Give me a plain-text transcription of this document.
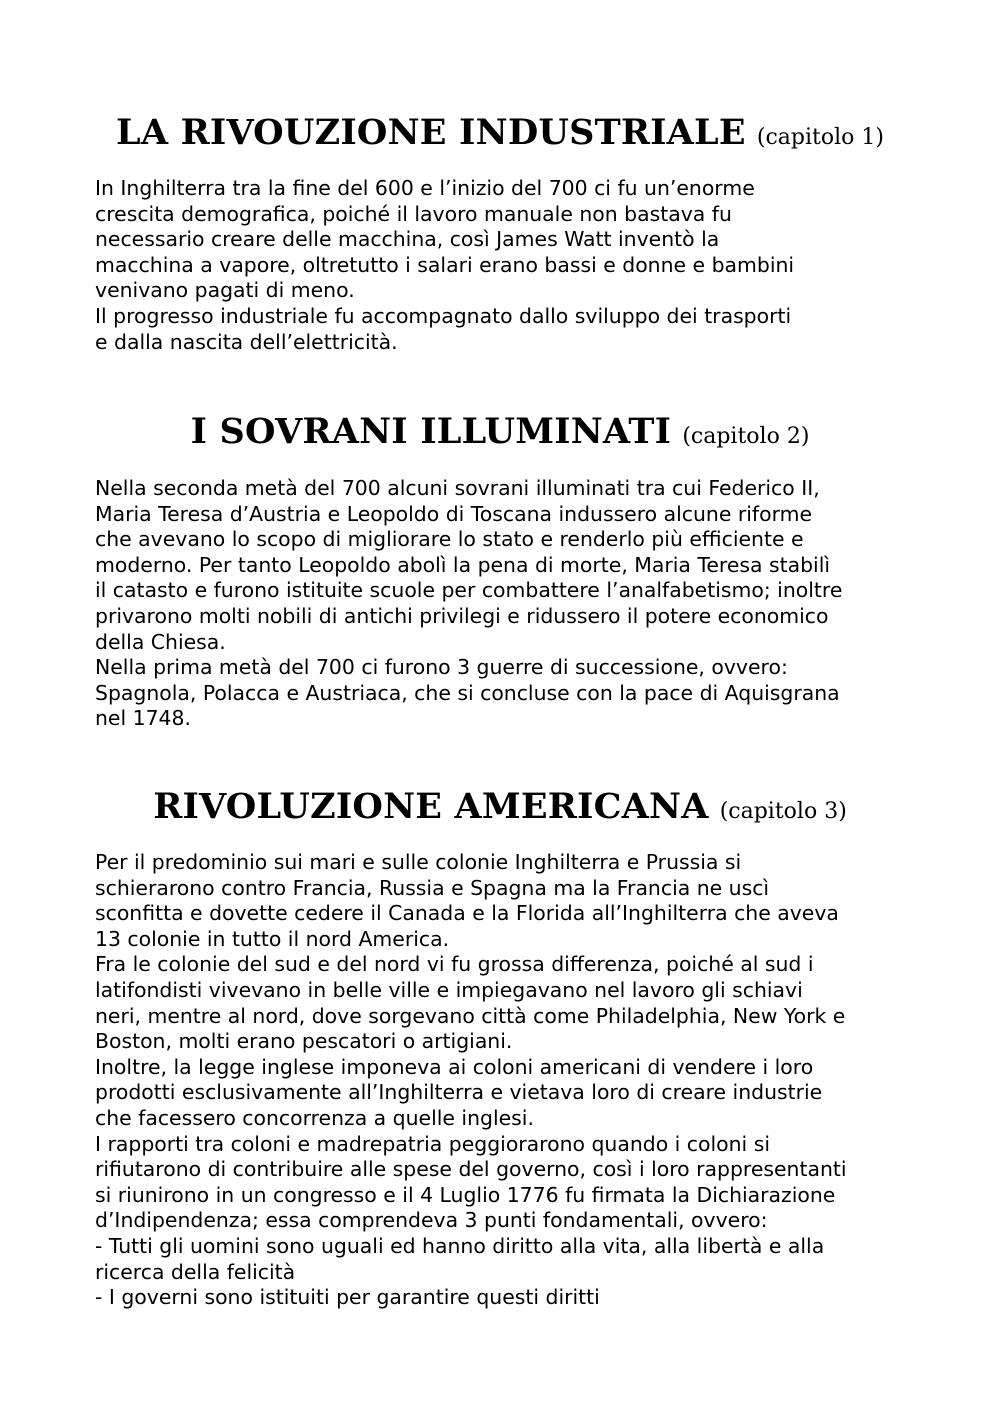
LA RIVOUZIONE INDUSTRIALE (capitolo 1)
In Inghilterra tra la fine del 600 e l’inizio del 700 ci fu un’enorme
crescita demografica, poiché il lavoro manuale non bastava fu
necessario creare delle macchina, così James Watt inventò la
macchina a vapore, oltretutto i salari erano bassi e donne e bambini
venivano pagati di meno.
Il progresso industriale fu accompagnato dallo sviluppo dei trasporti
e dalla nascita dell’elettricità.
I SOVRANI ILLUMINATI (capitolo 2)
Nella seconda metà del 700 alcuni sovrani illuminati tra cui Federico II,
Maria Teresa d’Austria e Leopoldo di Toscana indussero alcune riforme
che avevano lo scopo di migliorare lo stato e renderlo più efficiente e
moderno. Per tanto Leopoldo abolì la pena di morte, Maria Teresa stabilì
il catasto e furono istituite scuole per combattere l’analfabetismo; inoltre
privarono molti nobili di antichi privilegi e ridussero il potere economico
della Chiesa.
Nella prima metà del 700 ci furono 3 guerre di successione, ovvero:
Spagnola, Polacca e Austriaca, che si concluse con la pace di Aquisgrana
nel 1748.
RIVOLUZIONE AMERICANA (capitolo 3)
Per il predominio sui mari e sulle colonie Inghilterra e Prussia si
schierarono contro Francia, Russia e Spagna ma la Francia ne uscì
sconfitta e dovette cedere il Canada e la Florida all’Inghilterra che aveva
13 colonie in tutto il nord America.
Fra le colonie del sud e del nord vi fu grossa differenza, poiché al sud i
latifondisti vivevano in belle ville e impiegavano nel lavoro gli schiavi
neri, mentre al nord, dove sorgevano città come Philadelphia, New York e
Boston, molti erano pescatori o artigiani.
Inoltre, la legge inglese imponeva ai coloni americani di vendere i loro
prodotti esclusivamente all’Inghilterra e vietava loro di creare industrie
che facessero concorrenza a quelle inglesi.
I rapporti tra coloni e madrepatria peggiorarono quando i coloni si
rifiutarono di contribuire alle spese del governo, così i loro rappresentanti
si riunirono in un congresso e il 4 Luglio 1776 fu firmata la Dichiarazione
d’Indipendenza; essa comprendeva 3 punti fondamentali, ovvero:
- Tutti gli uomini sono uguali ed hanno diritto alla vita, alla libertà e alla
ricerca della felicità
- I governi sono istituiti per garantire questi diritti
